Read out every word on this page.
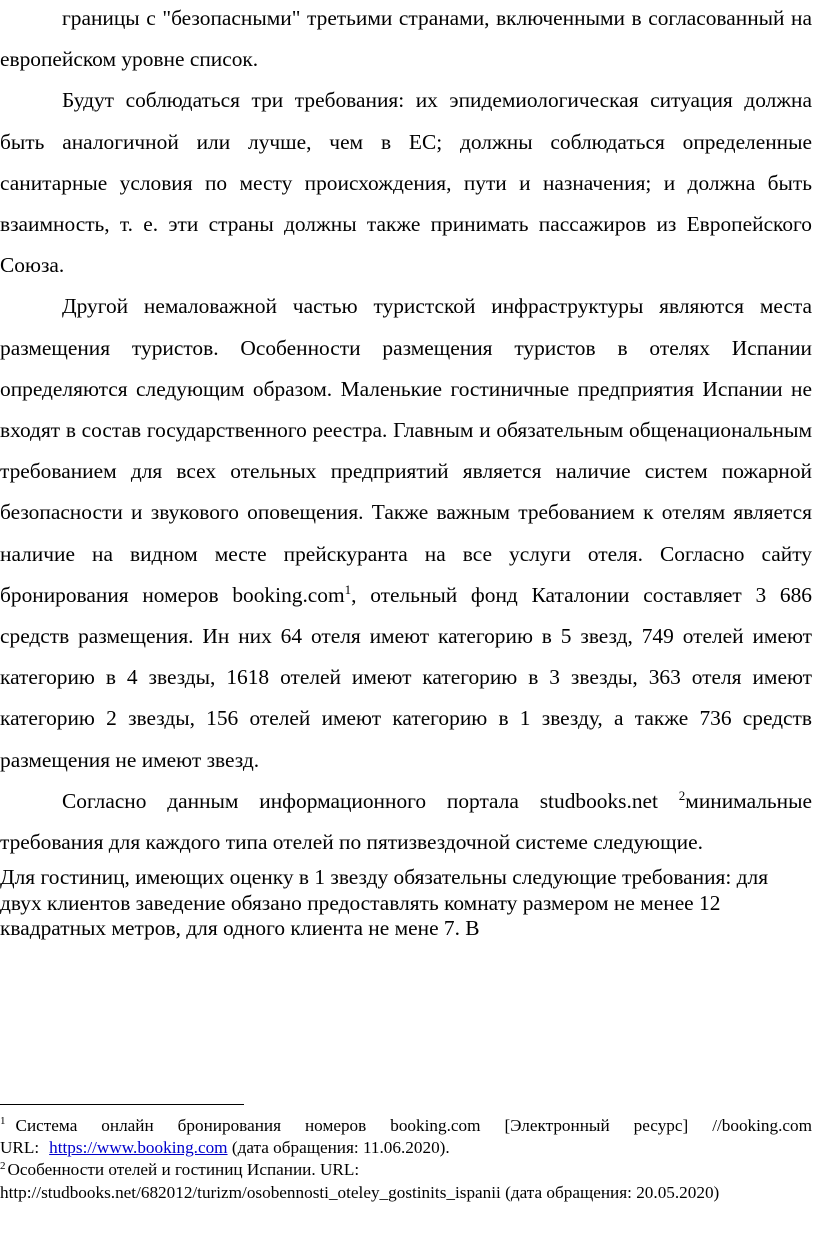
границы с "безопасными" третьими странами, включенными в согласованный на европейском уровне список.

Будут соблюдаться три требования: их эпидемиологическая ситуация должна быть аналогичной или лучше, чем в ЕС; должны соблюдаться определенные санитарные условия по месту происхождения, пути и назначения; и должна быть взаимность, т. е. эти страны должны также принимать пассажиров из Европейского Союза.

Другой немаловажной частью туристской инфраструктуры являются места размещения туристов. Особенности размещения туристов в отелях Испании определяются следующим образом. Маленькие гостиничные предприятия Испании не входят в состав государственного реестра. Главным и обязательным общенациональным требованием для всех отельных предприятий является наличие систем пожарной безопасности и звукового оповещения. Также важным требованием к отелям является наличие на видном месте прейскуранта на все услуги отеля. Согласно сайту бронирования номеров booking.com$^1$, отельный фонд Каталонии составляет 3 686 средств размещения. Ин них 64 отеля имеют категорию в 5 звезд, 749 отелей имеют категорию в 4 звезды, 1618 отелей имеют категорию в 3 звезды, 363 отеля имеют категорию 2 звезды, 156 отелей имеют категорию в 1 звезду, а также 736 средств размещения не имеют звезд.

Согласно данным информационного портала studbooks.net $^2$минимальные требования для каждого типа отелей по пятизвездочной системе следующие.

Для гостиниц, имеющих оценку в 1 звезду обязательны следующие требования: для двух клиентов заведение обязано предоставлять комнату размером не менее 12 квадратных метров, для одного клиента не мене 7. В

$^1$ Система онлайн бронирования номеров booking.com [Электронный ресурс] //booking.com URL: https://www.booking.com (дата обращения: 11.06.2020).

$^2$ Особенности отелей и гостиниц Испании. URL: http://studbooks.net/682012/turizm/osobennosti_oteley_gostinits_ispanii (дата обращения: 20.05.2020)
